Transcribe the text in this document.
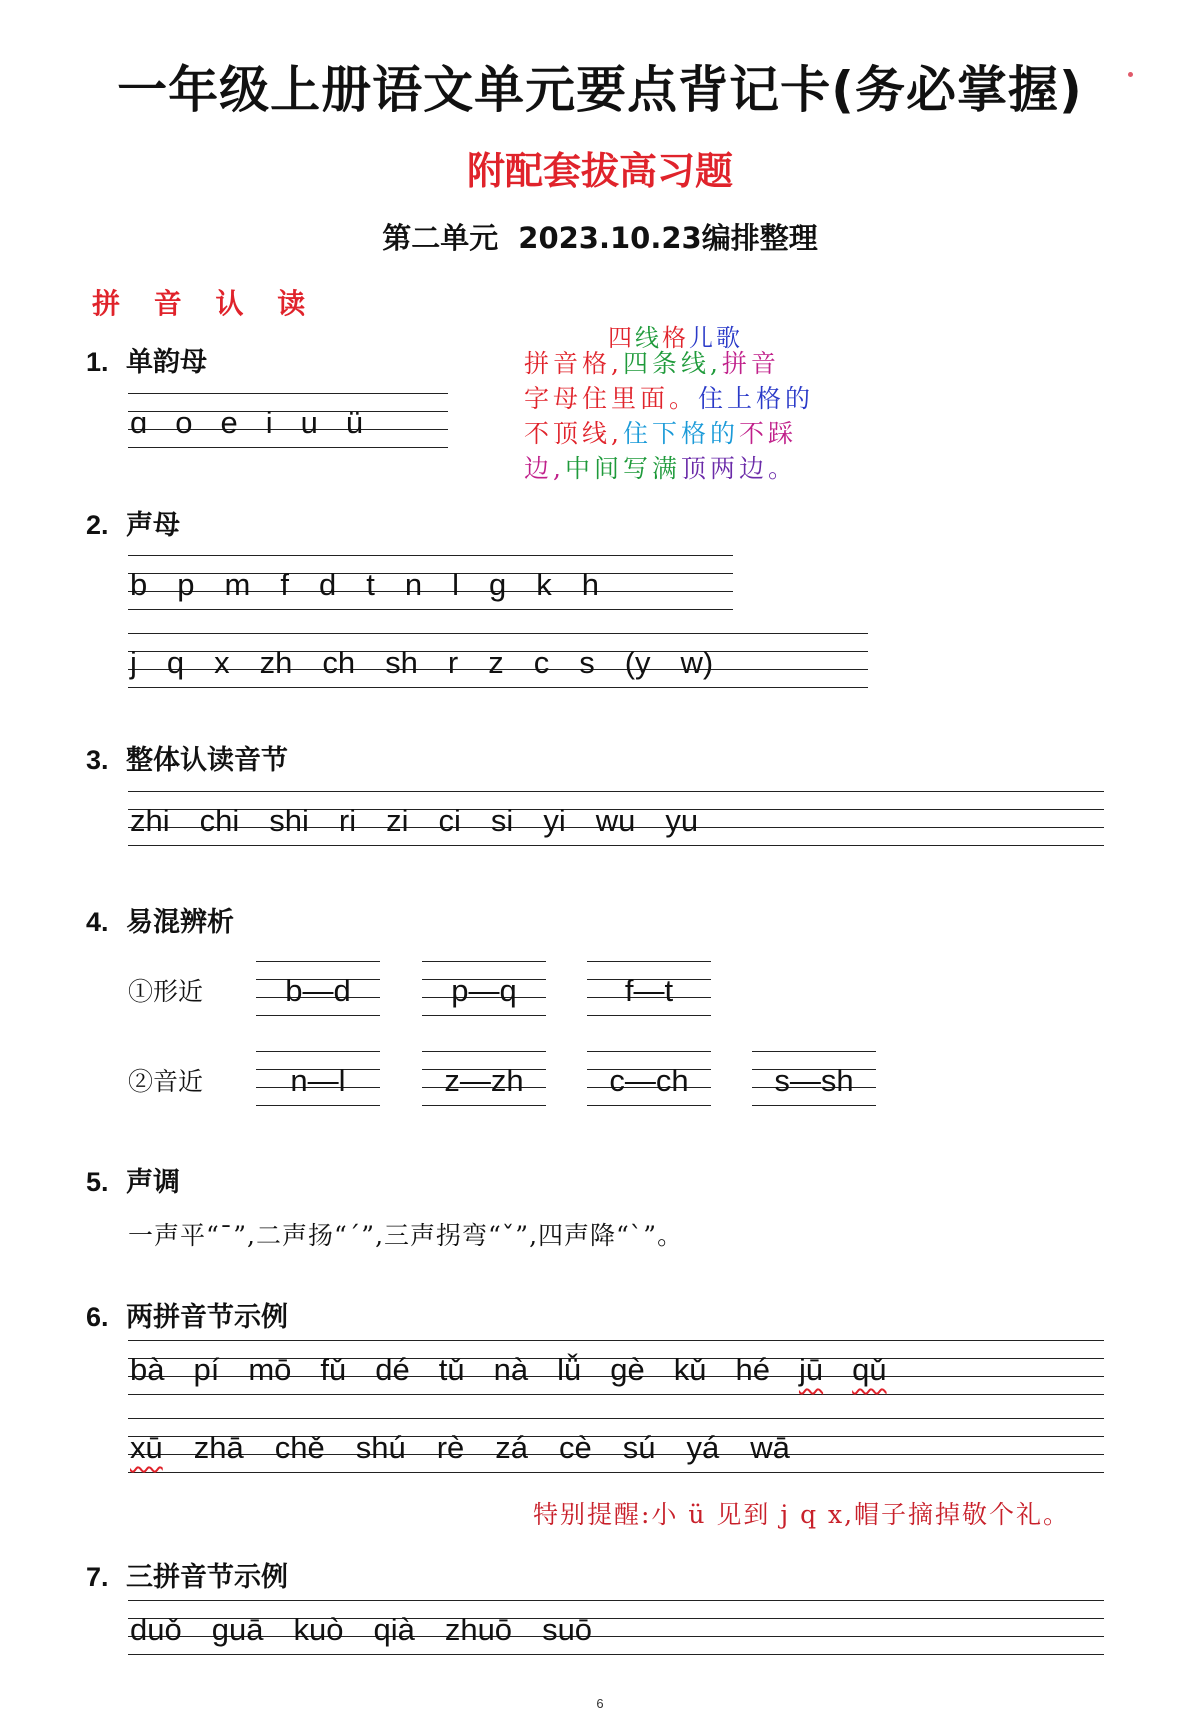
一年级上册语文单元要点背记卡(务必掌握)
附配套拔高习题
第二单元 2023.10.23编排整理
拼 音 认 读
1. 单韵母
ɑ o e i u ü
四线格儿歌
拼音格,四条线,拼音
字母住里面。住上格的
不顶线,住下格的不踩
边,中间写满顶两边。
2. 声母
b p m f d t n l g k h
j q x zh ch sh r z c s (y w)
3. 整体认读音节
zhi chi shi ri zi ci si yi wu yu
4. 易混辨析
①形近	b—d	p—q	f—t
②音近	n—l	z—zh	c—ch	s—sh
5. 声调
一声平“ˉ”,二声扬“ˊ”,三声拐弯“ˇ”,四声降“ˋ”。
6. 两拼音节示例
bà pí mō fǔ dé tǔ nà lǚ gè kǔ hé jū qǔ
xū zhā chě shú rè zá cè sú yá wā
特别提醒:小 ü 见到 j q x,帽子摘掉敬个礼。
7. 三拼音节示例
duǒ guā kuò qià zhuō suō
6
